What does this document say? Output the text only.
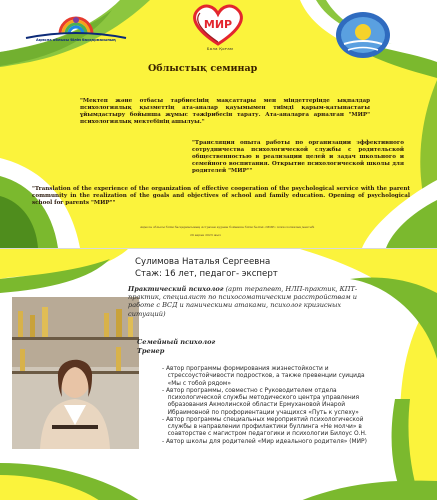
Ақмола облысы білім басқармасының
МИР
Бала Қоғам
Облыстық семинар
"Мектеп жəне отбасы тарбиесінің мақсаттары мен міндеттерінде ықпалдар психологиялық қызметтің ата-аналар қауымымен тиімді қарым-қатынастағы ұйымдастыру бойынша жұмыс тəжірибесін тарату. Ата-аналарға арналған "МИР" психологиялық мектебінің ашылуы."
"Трансляция опыта работы по организации эффективного сотрудничества психологической службы с родительской общественностью в реализации целей и задач школьного и семейного воспитания. Открытие психологической школы для родителей "МИР""
"Translation of the experience of the organization of effective cooperation of the psychological service with the parent community in the realization of the goals and objectives of school and family education. Opening of psychological school for parents "МИР""
Ақмола облысы білім басқармасының Астрахан ауданы бойынша білім бөлімі «МИР» психологиялық мектебі
29 ақпан 2023 жыл
Сулимова Наталья Сергеевна
Стаж: 16 лет, педагог- эксперт
Практический психолог (арт терапевт, НЛП-практик, КПТ- практик, специалист по психосоматическим расстройствам и работе с ВСД и паническими атаками, психолог кризисных ситуаций)
Семейный психолог
Тренер
- Автор программы формирования жизнестойкости и
стрессоустойчивости подростков, а также превенции суицида
«Мы с тобой рядом»
- Автор программы, совместно с Руководителем отдела
психологической службы методического центра управления
образования Акмолинской области Ермухановой Инарой
Ибраимовной по профориентации учащихся «Путь к успеху»
- Автор программы специальных мероприятий психологической
службы в направлении профилактики буллинга «Не молчи» в
соавторстве с магистром педагогики и психологии Билоус О.Н.
- Автор школы для родителей «Мир идеального родителя» (МИР)
